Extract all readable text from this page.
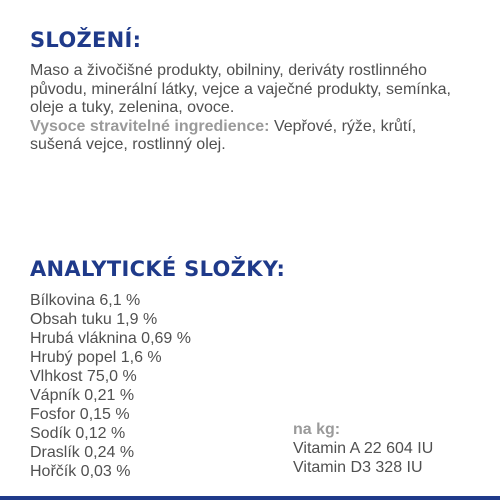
SLOŽENÍ:

Maso a živočišné produkty, obilniny, deriváty rostlinného původu, minerální látky, vejce a vaječné produkty, semínka, oleje a tuky, zelenina, ovoce.
Vysoce stravitelné ingredience: Vepřové, rýže, krůtí, sušená vejce, rostlinný olej.

ANALYTICKÉ SLOŽKY:
Bílkovina 6,1 %
Obsah tuku 1,9 %
Hrubá vláknina 0,69 %
Hrubý popel 1,6 %
Vlhkost 75,0 %
Vápník 0,21 %
Fosfor 0,15 %
Sodík 0,12 %
Draslík 0,24 %
Hořčík 0,03 %
na kg:
Vitamin A 22 604 IU
Vitamin D3 328 IU
